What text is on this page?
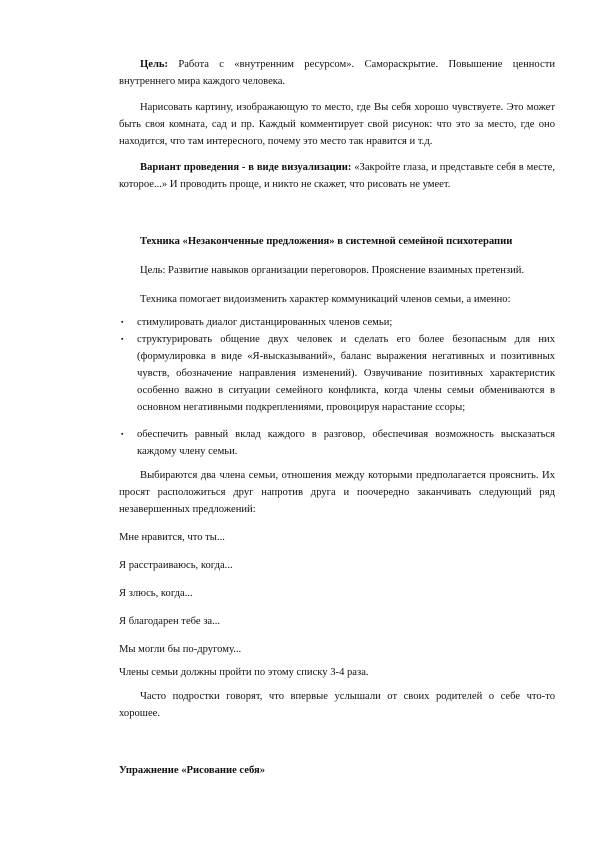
Цель: Работа с «внутренним ресурсом». Самораскрытие. Повышение ценности внутреннего мира каждого человека.

Нарисовать картину, изображающую то место, где Вы себя хорошо чувствуете. Это может быть своя комната, сад и пр. Каждый комментирует свой рисунок: что это за место, где оно находится, что там интересного, почему это место так нравится и т.д.

Вариант проведения - в виде визуализации: «Закройте глаза, и представьте себя в месте, которое...» И проводить проще, и никто не скажет, что рисовать не умеет.

Техника «Незаконченные предложения» в системной семейной психотерапии

Цель: Развитие навыков организации переговоров. Прояснение взаимных претензий.

Техника помогает видоизменить характер коммуникаций членов семьи, а именно:

▪ стимулировать диалог дистанцированных членов семьи;

▪ структурировать общение двух человек и сделать его более безопасным для них (формулировка в виде «Я-высказываний», баланс выражения негативных и позитивных чувств, обозначение направления изменений). Озвучивание позитивных характеристик особенно важно в ситуации семейного конфликта, когда члены семьи обмениваются в основном негативными подкреплениями, провоцируя нарастание ссоры;

▪ обеспечить равный вклад каждого в разговор, обеспечивая возможность высказаться каждому члену семьи.

Выбираются два члена семьи, отношения между которыми предполагается прояснить. Их просят расположиться друг напротив друга и поочередно заканчивать следующий ряд незавершенных предложений:

Мне нравится, что ты...

Я расстраиваюсь, когда...

Я злюсь, когда...

Я благодарен тебе за...

Мы могли бы по-другому...

Члены семьи должны пройти по этому списку 3-4 раза.

Часто подростки говорят, что впервые услышали от своих родителей о себе что-то хорошее.

Упражнение «Рисование себя»
